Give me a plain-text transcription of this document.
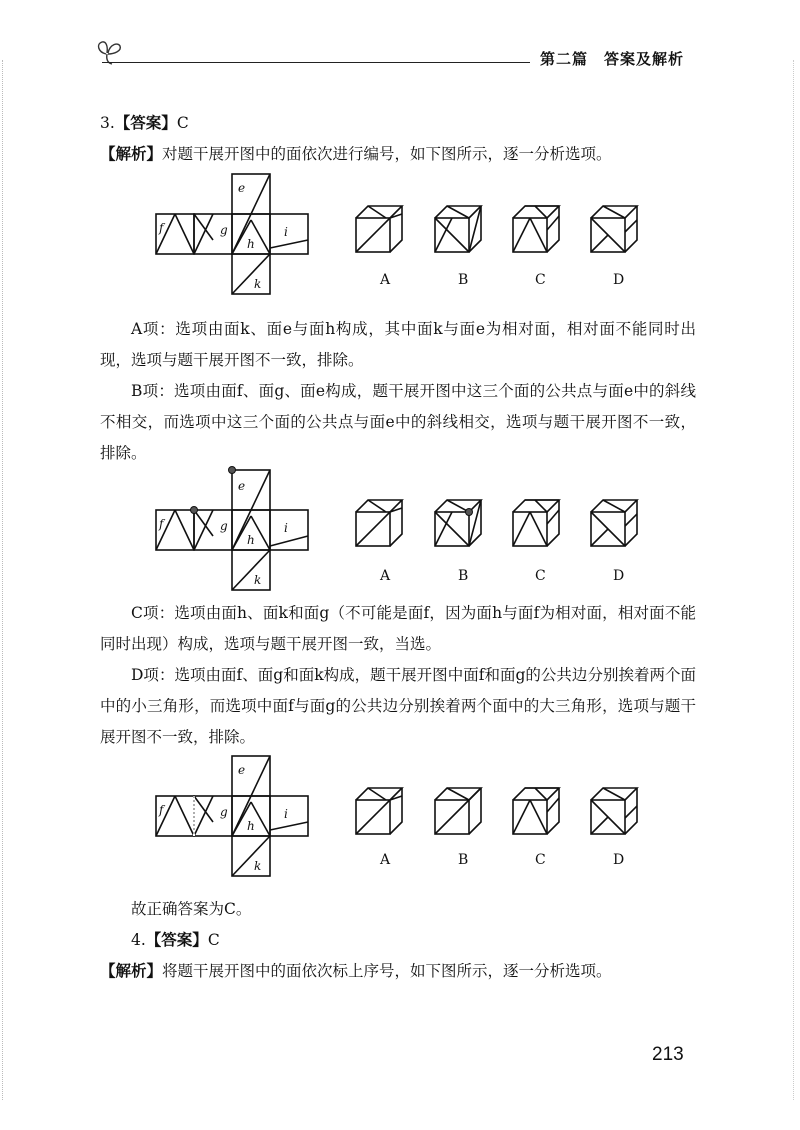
第二篇　答案及解析

3.【答案】C

【解析】对题干展开图中的面依次进行编号，如下图所示，逐一分析选项。

e
f	g
h
i
k	A	B	C	D

A项：选项由面k、面e与面h构成，其中面k与面e为相对面，相对面不能同时出现，选项与题干展开图不一致，排除。

B项：选项由面f、面g、面e构成，题干展开图中这三个面的公共点与面e中的斜线不相交，而选项中这三个面的公共点与面e中的斜线相交，选项与题干展开图不一致，排除。

e
f	g
h
i
k	A	B	C	D

C项：选项由面h、面k和面g（不可能是面f，因为面h与面f为相对面，相对面不能同时出现）构成，选项与题干展开图一致，当选。

D项：选项由面f、面g和面k构成，题干展开图中面f和面g的公共边分别挨着两个面中的小三角形，而选项中面f与面g的公共边分别挨着两个面中的大三角形，选项与题干展开图不一致，排除。

e
f	g
h
i
k	A	B	C	D

故正确答案为C。

4.【答案】C

【解析】将题干展开图中的面依次标上序号，如下图所示，逐一分析选项。

213
